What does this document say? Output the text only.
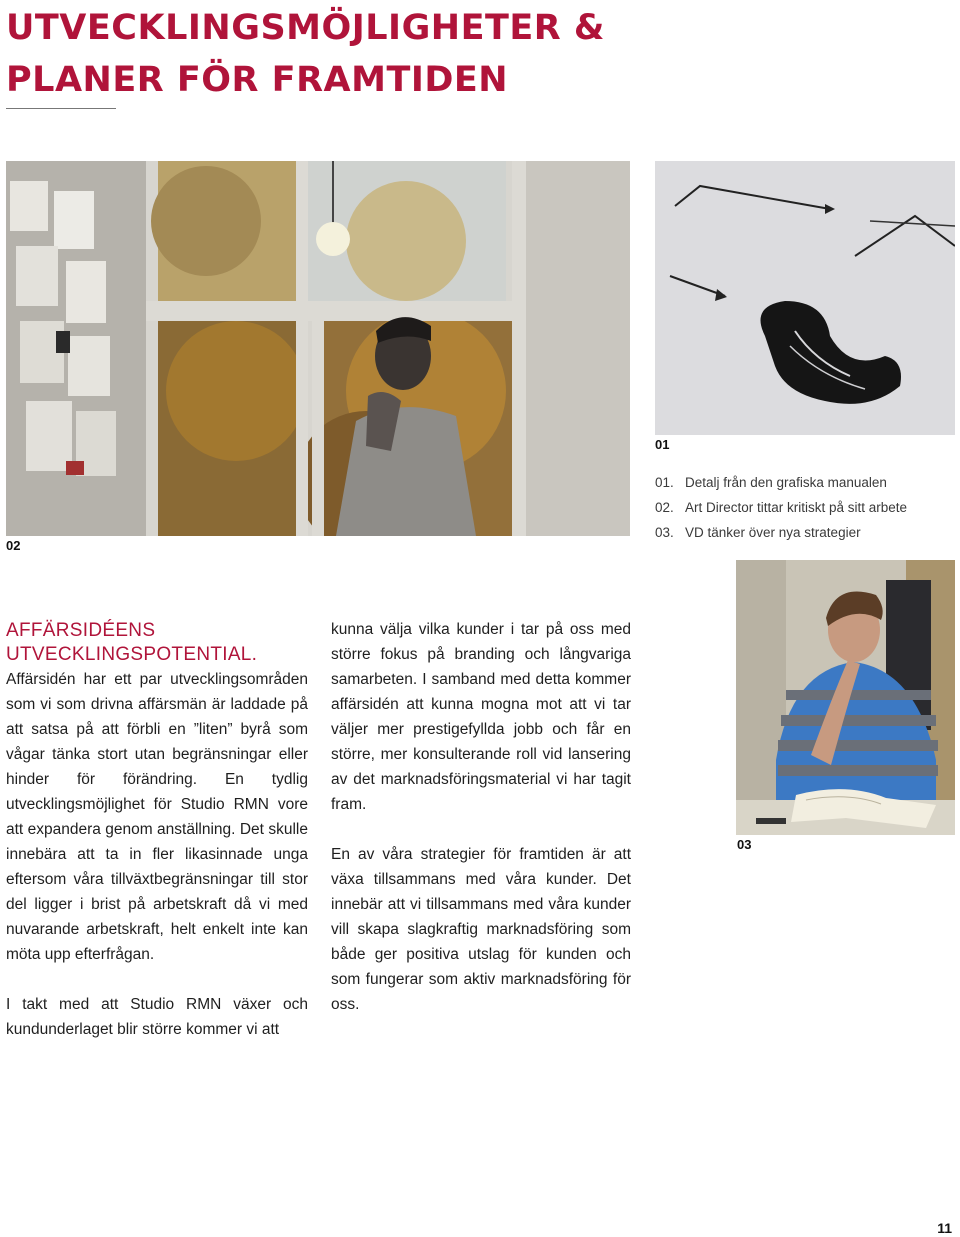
UTVECKLINGSMÖJLIGHETER &
PLANER FÖR FRAMTIDEN
02
01
01. Detalj från den grafiska manualen
02. Art Director tittar kritiskt på sitt arbete
03. VD tänker över nya strategier
AFFÄRSIDÉENS
UTVECKLINGSPOTENTIAL.

Affärsidén har ett par utvecklingsområden som vi som drivna affärsmän är laddade på att satsa på att förbli en ”liten” byrå som vågar tänka stort utan begränsningar eller hinder för förändring. En tydlig utvecklingsmöjlighet för Studio RMN vore att expandera genom anställning. Det skulle innebära att ta in fler likasinnade unga eftersom våra tillväxtbegränsningar till stor del ligger i brist på arbetskraft då vi med nuvarande arbetskraft, helt enkelt inte kan möta upp efterfrågan.

I takt med att Studio RMN växer och kundunderlaget blir större kommer vi att

kunna välja vilka kunder i tar på oss med större fokus på branding och långvariga samarbeten. I samband med detta kommer affärsidén att kunna mogna mot att vi tar väljer mer prestigefyllda jobb och får en större, mer konsulterande roll vid lansering av det marknadsföringsmaterial vi har tagit fram.

En av våra strategier för framtiden är att växa tillsammans med våra kunder. Det innebär att vi tillsammans med våra kunder vill skapa slagkraftig marknadsföring som både ger positiva utslag för kunden och som fungerar som aktiv marknadsföring för oss.

03
11
